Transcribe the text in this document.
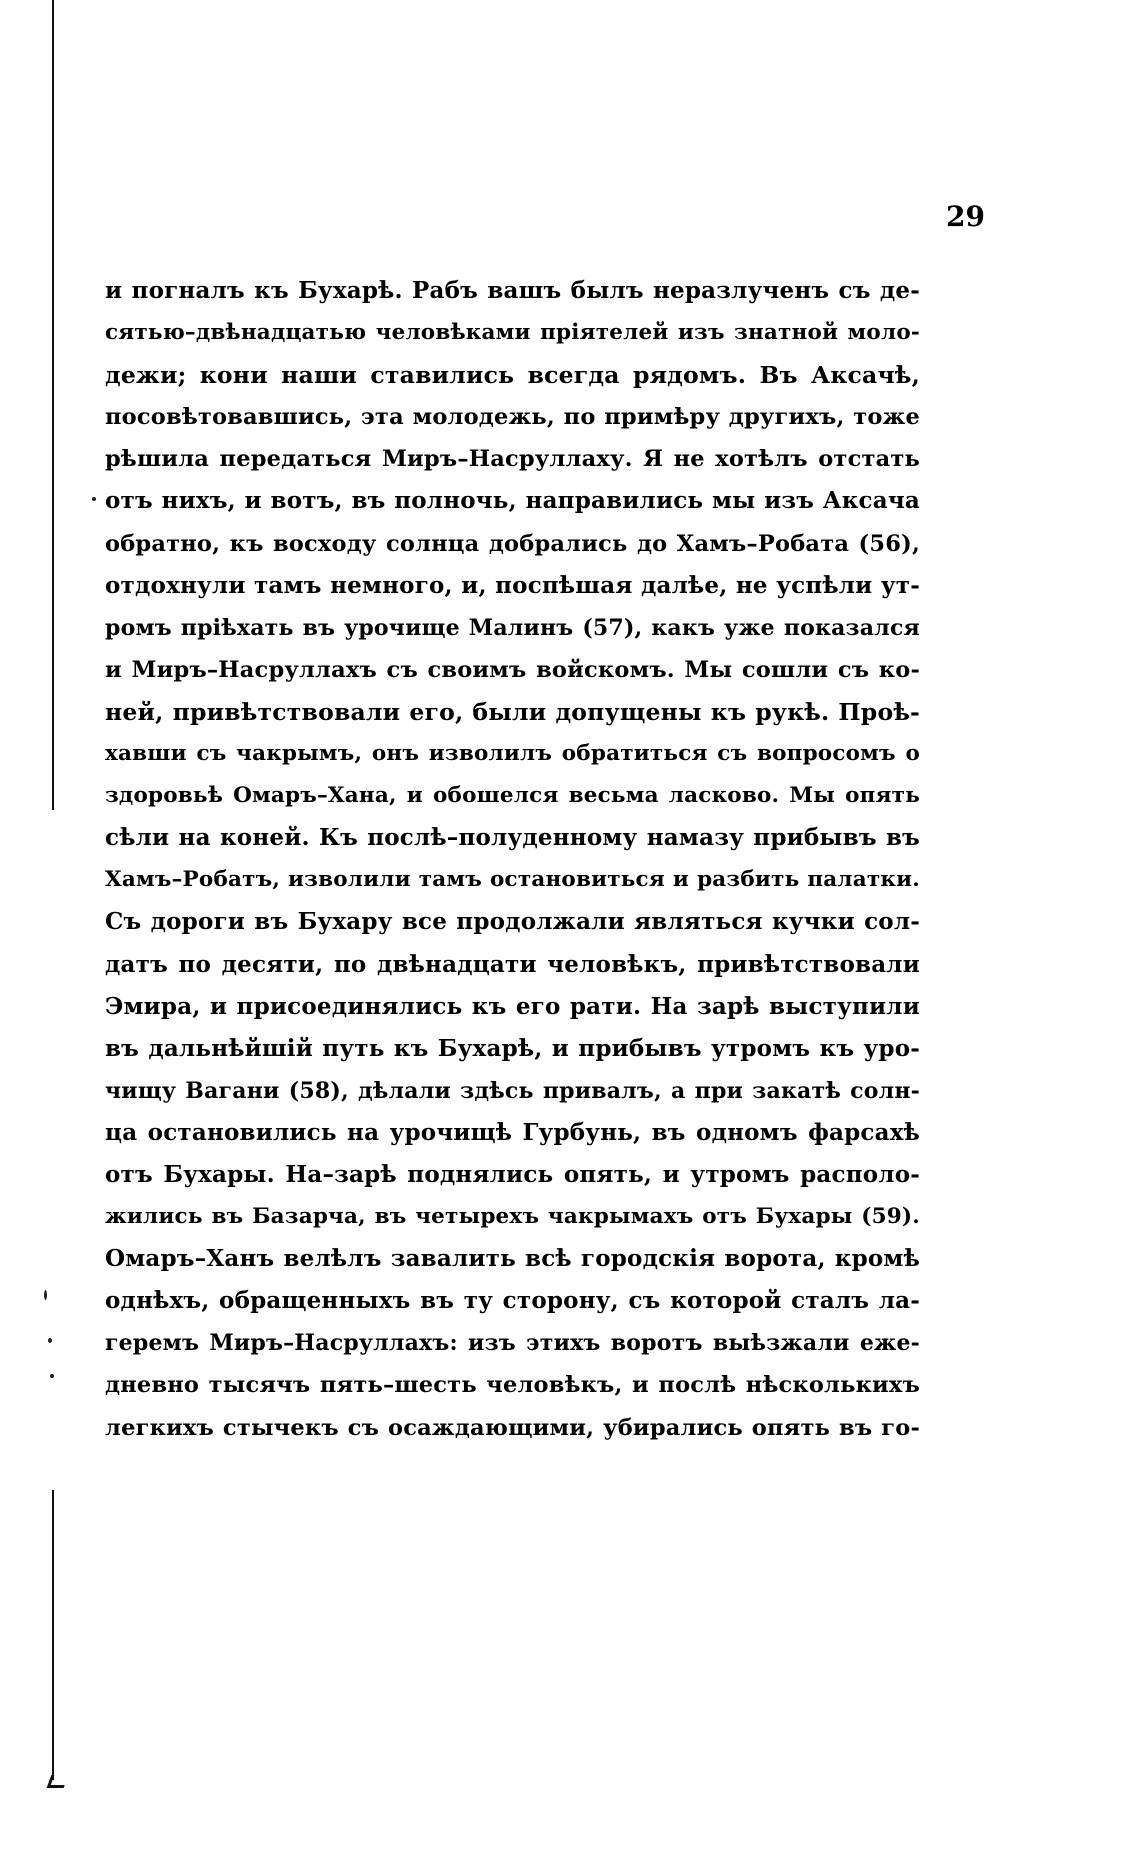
29
и погналъ къ Бухарѣ. Рабъ вашъ былъ неразлученъ съ де-
сятью–двѣнадцатью человѣками пріятелей изъ знатной моло-
дежи; кони наши ставились всегда рядомъ. Въ Аксачѣ,
посовѣтовавшись, эта молодежь, по примѣру другихъ, тоже
рѣшила передаться Миръ–Насруллаху. Я не хотѣлъ отстать
отъ нихъ, и вотъ, въ полночь, направились мы изъ Аксача
обратно, къ восходу солнца добрались до Хамъ–Робата (56),
отдохнули тамъ немного, и, поспѣшая далѣе, не успѣли ут-
ромъ пріѣхать въ урочище Малинъ (57), какъ уже показался
и Миръ–Насруллахъ съ своимъ войскомъ. Мы сошли съ ко-
ней, привѣтствовали его, были допущены къ рукѣ. Проѣ-
хавши съ чакрымъ, онъ изволилъ обратиться съ вопросомъ о
здоровьѣ Омаръ–Хана, и обошелся весьма ласково. Мы опять
сѣли на коней. Къ послѣ–полуденному намазу прибывъ въ
Хамъ–Робатъ, изволили тамъ остановиться и разбить палатки.
Съ дороги въ Бухару все продолжали являться кучки сол-
датъ по десяти, по двѣнадцати человѣкъ, привѣтствовали
Эмира, и присоединялись къ его рати. На зарѣ выступили
въ дальнѣйшій путь къ Бухарѣ, и прибывъ утромъ къ уро-
чищу Вагани (58), дѣлали здѣсь привалъ, а при закатѣ солн-
ца остановились на урочищѣ Гурбунь, въ одномъ фарсахѣ
отъ Бухары. На–зарѣ поднялись опять, и утромъ располо-
жились въ Базарча, въ четырехъ чакрымахъ отъ Бухары (59).
Омаръ–Ханъ велѣлъ завалить всѣ городскія ворота, кромѣ
однѣхъ, обращенныхъ въ ту сторону, съ которой сталъ ла-
геремъ Миръ–Насруллахъ: изъ этихъ воротъ выѣзжали еже-
дневно тысячъ пять–шесть человѣкъ, и послѣ нѣсколькихъ
легкихъ стычекъ съ осаждающими, убирались опять въ го-
